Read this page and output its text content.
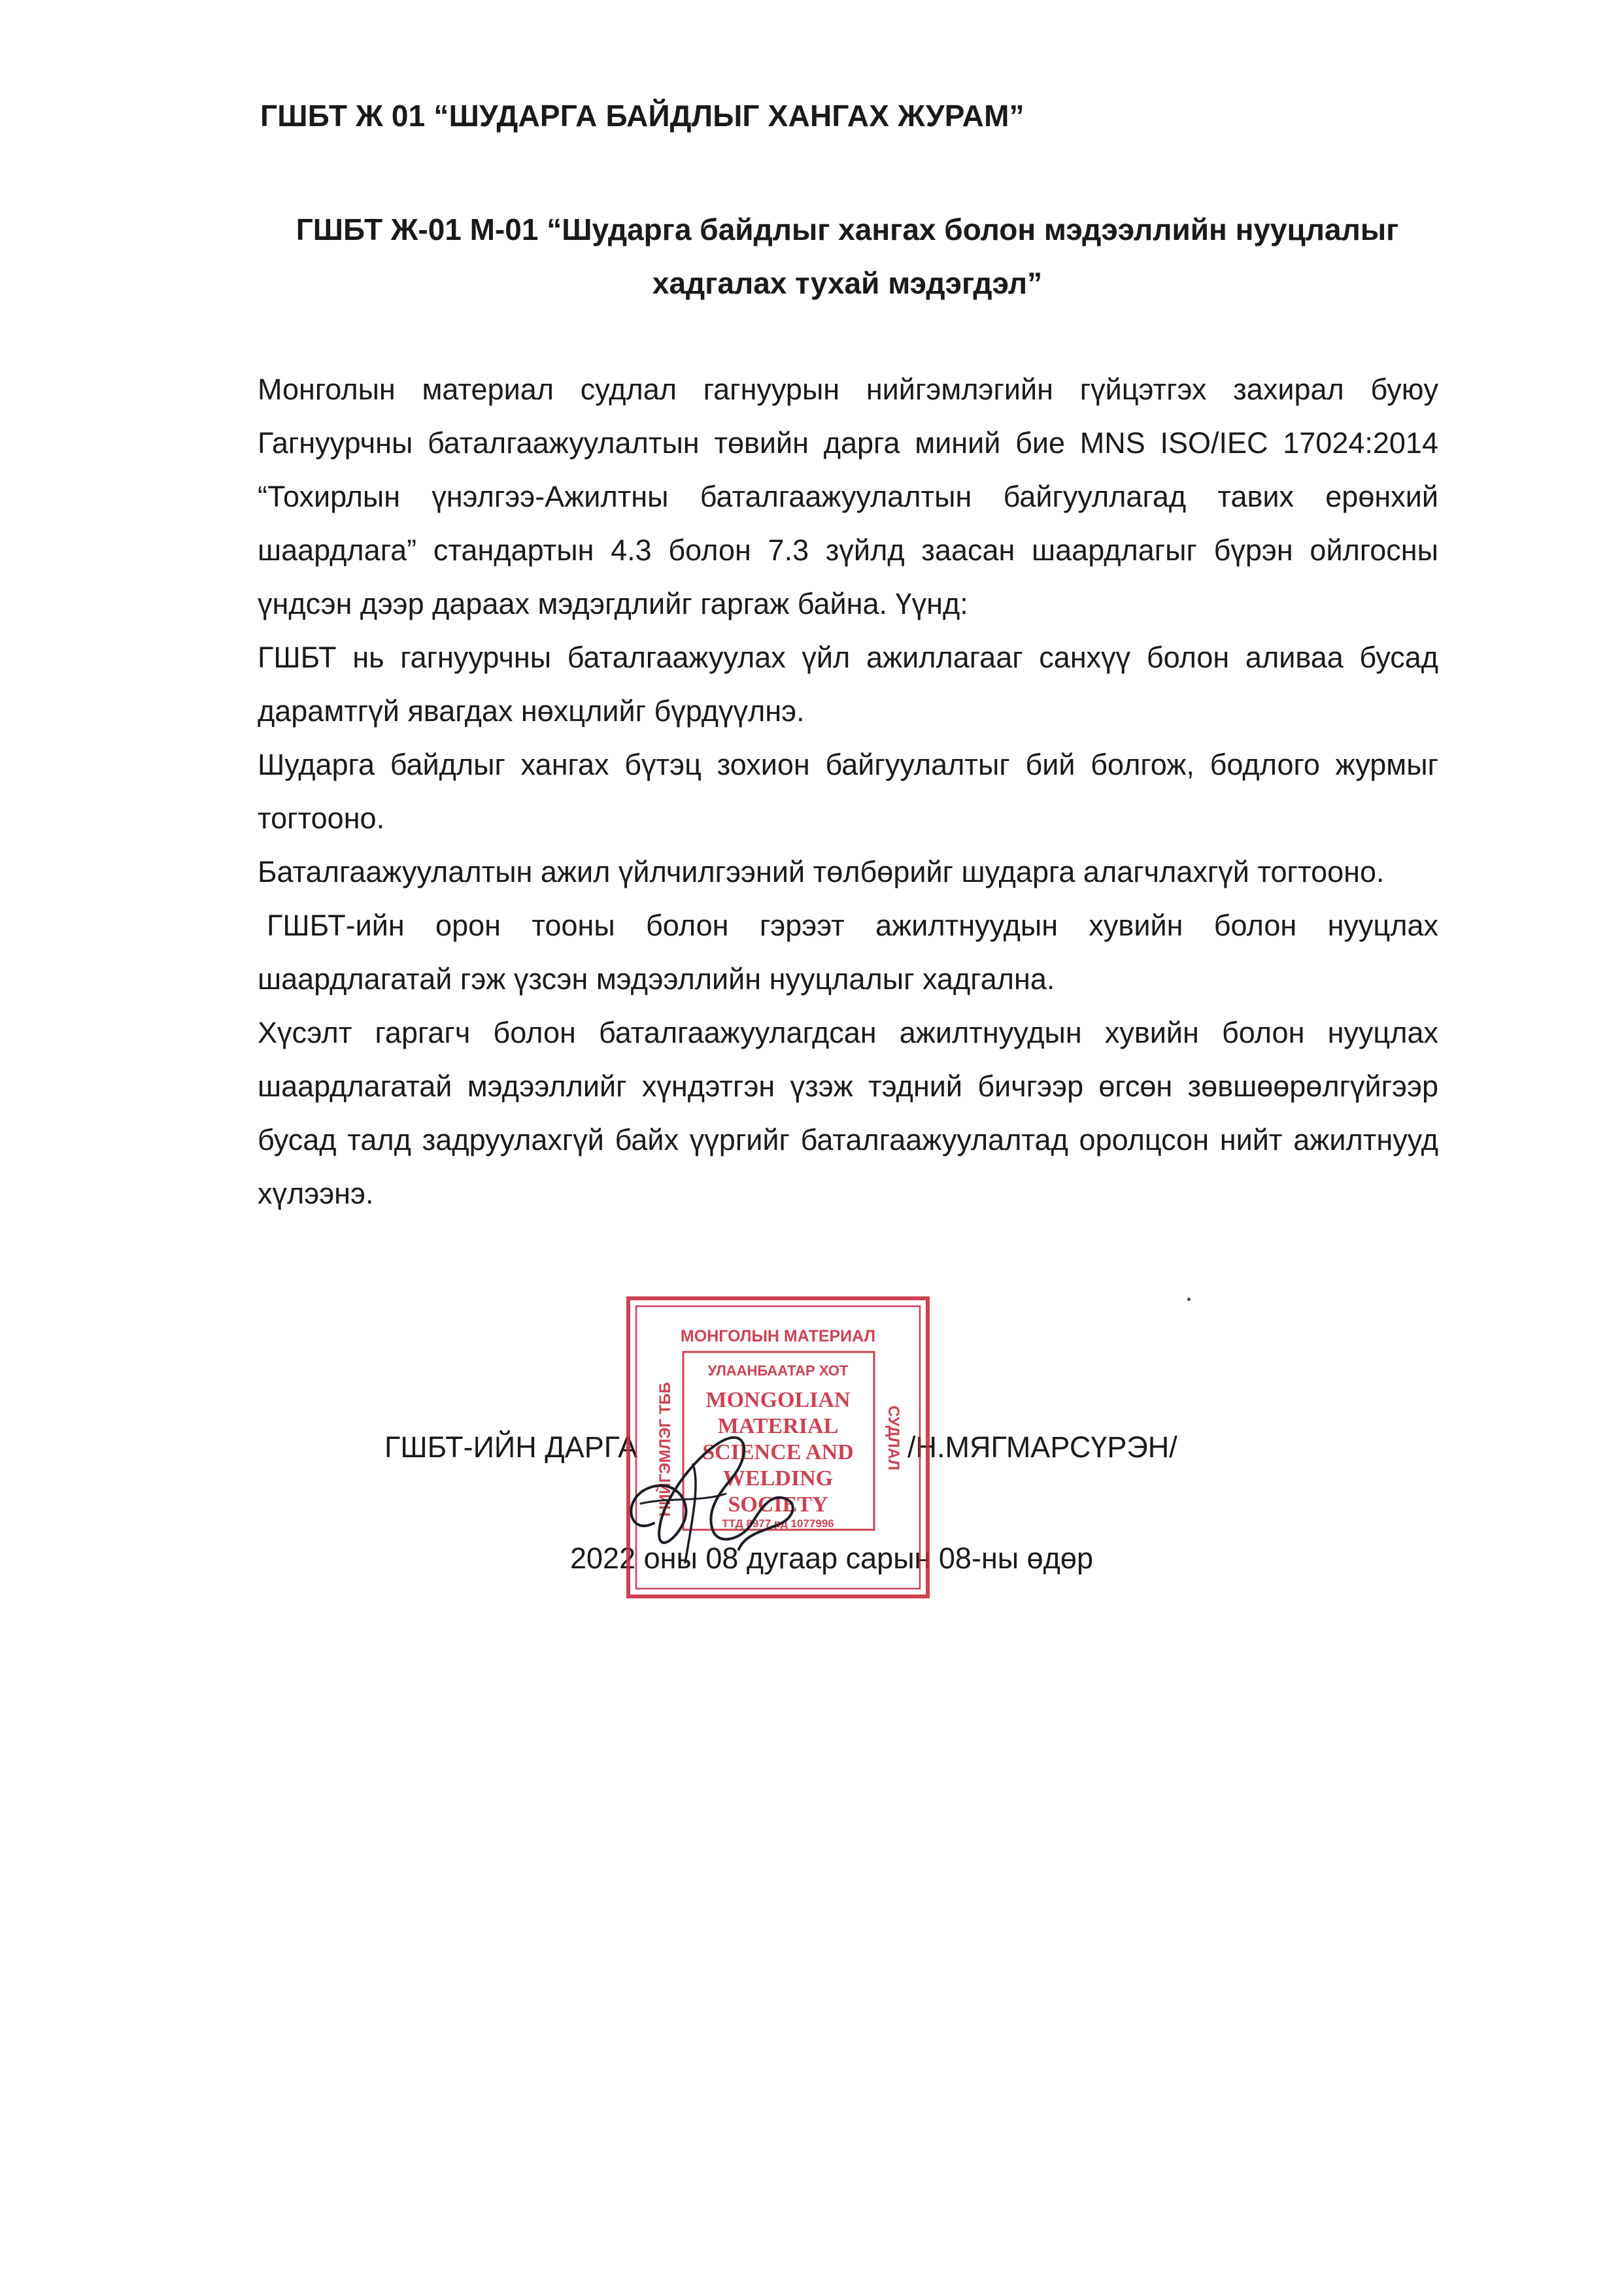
ГШБТ Ж 01 “ШУДАРГА БАЙДЛЫГ ХАНГАХ ЖУРАМ”
ГШБТ Ж-01 М-01 “Шударга байдлыг хангах болон мэдээллийн нууцлалыг
хадгалах тухай мэдэгдэл”

Монголын материал судлал гагнуурын нийгэмлэгийн гүйцэтгэх захирал буюу Гагнуурчны баталгаажуулалтын төвийн дарга миний бие MNS ISO/IEC 17024:2014 “Тохирлын үнэлгээ-Ажилтны баталгаажуулалтын байгууллагад тавих ерөнхий шаардлага” стандартын 4.3 болон 7.3 зүйлд заасан шаардлагыг бүрэн ойлгосны үндсэн дээр дараах мэдэгдлийг гаргаж байна. Үүнд:

ГШБТ нь гагнуурчны баталгаажуулах үйл ажиллагааг санхүү болон аливаа бусад дарамтгүй явагдах нөхцлийг бүрдүүлнэ.

Шударга байдлыг хангах бүтэц зохион байгуулалтыг бий болгож, бодлого журмыг тогтооно.

Баталгаажуулалтын ажил үйлчилгээний төлбөрийг шударга алагчлахгүй тогтооно.

ГШБТ-ийн орон тооны болон гэрээт ажилтнуудын хувийн болон нууцлах шаардлагатай гэж үзсэн мэдээллийн нууцлалыг хадгална.

Хүсэлт гаргагч болон баталгаажуулагдсан ажилтнуудын хувийн болон нууцлах шаардлагатай мэдээллийг хүндэтгэн үзэж тэдний бичгээр өгсөн зөвшөөрөлгүйгээр бусад талд задруулахгүй байх үүргийг баталгаажуулалтад оролцсон нийт ажилтнууд хүлээнэ.

ГШБТ-ИЙН ДАРГА	/Н.МЯГМАРСҮРЭН/
2022 оны 08 дугаар сарын 08-ны өдөр
МОНГОЛЫН МАТЕРИАЛ
УЛААНБААТАР ХОТ
НИЙГЭМЛЭГ ТББ	СУДЛАЛ
MONGOLIAN
MATERIAL
SCIENCE AND
WELDING
SOCIETY
ТТД 8977 рд 1077996
